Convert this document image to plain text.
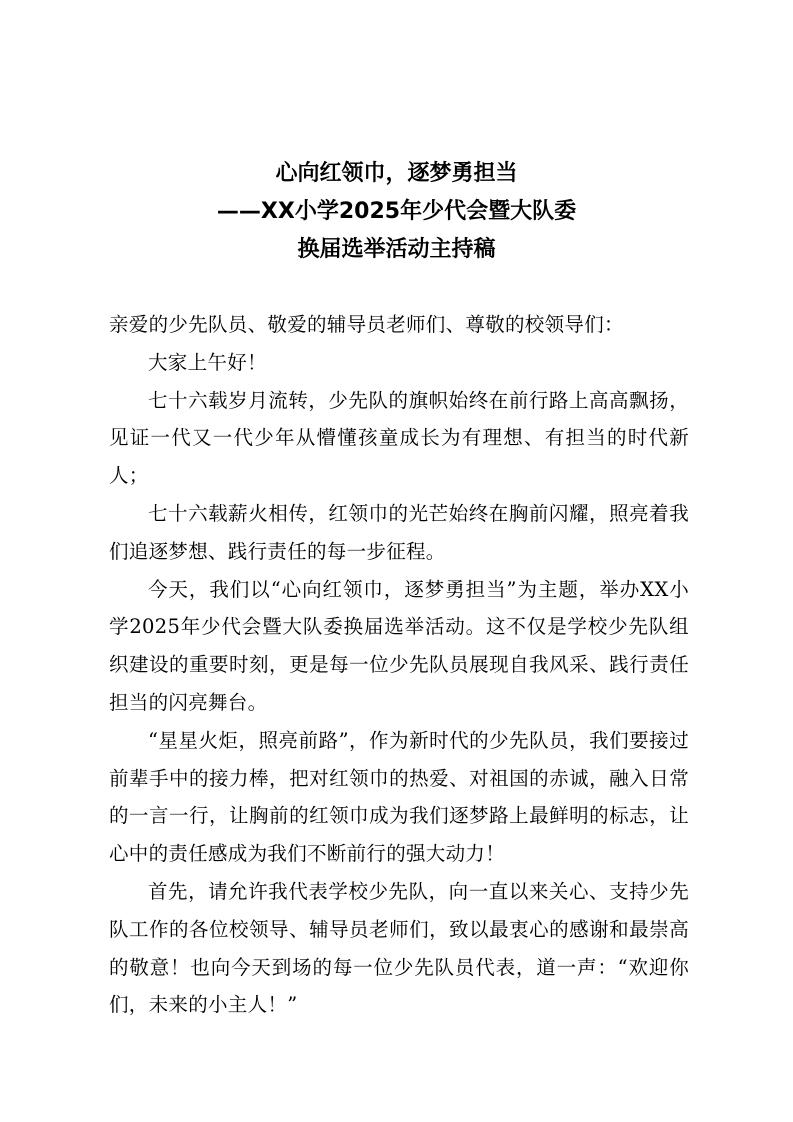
心向红领巾，逐梦勇担当
——XX小学2025年少代会暨大队委
换届选举活动主持稿

亲爱的少先队员、敬爱的辅导员老师们、尊敬的校领导们：

大家上午好！

七十六载岁月流转，少先队的旗帜始终在前行路上高高飘扬，见证一代又一代少年从懵懂孩童成长为有理想、有担当的时代新人；

七十六载薪火相传，红领巾的光芒始终在胸前闪耀，照亮着我们追逐梦想、践行责任的每一步征程。

今天，我们以“心向红领巾，逐梦勇担当”为主题，举办XX小学2025年少代会暨大队委换届选举活动。这不仅是学校少先队组织建设的重要时刻，更是每一位少先队员展现自我风采、践行责任担当的闪亮舞台。

“星星火炬，照亮前路”，作为新时代的少先队员，我们要接过前辈手中的接力棒，把对红领巾的热爱、对祖国的赤诚，融入日常的一言一行，让胸前的红领巾成为我们逐梦路上最鲜明的标志，让心中的责任感成为我们不断前行的强大动力！

首先，请允许我代表学校少先队，向一直以来关心、支持少先队工作的各位校领导、辅导员老师们，致以最衷心的感谢和最崇高的敬意！也向今天到场的每一位少先队员代表，道一声：“欢迎你们，未来的小主人！”
